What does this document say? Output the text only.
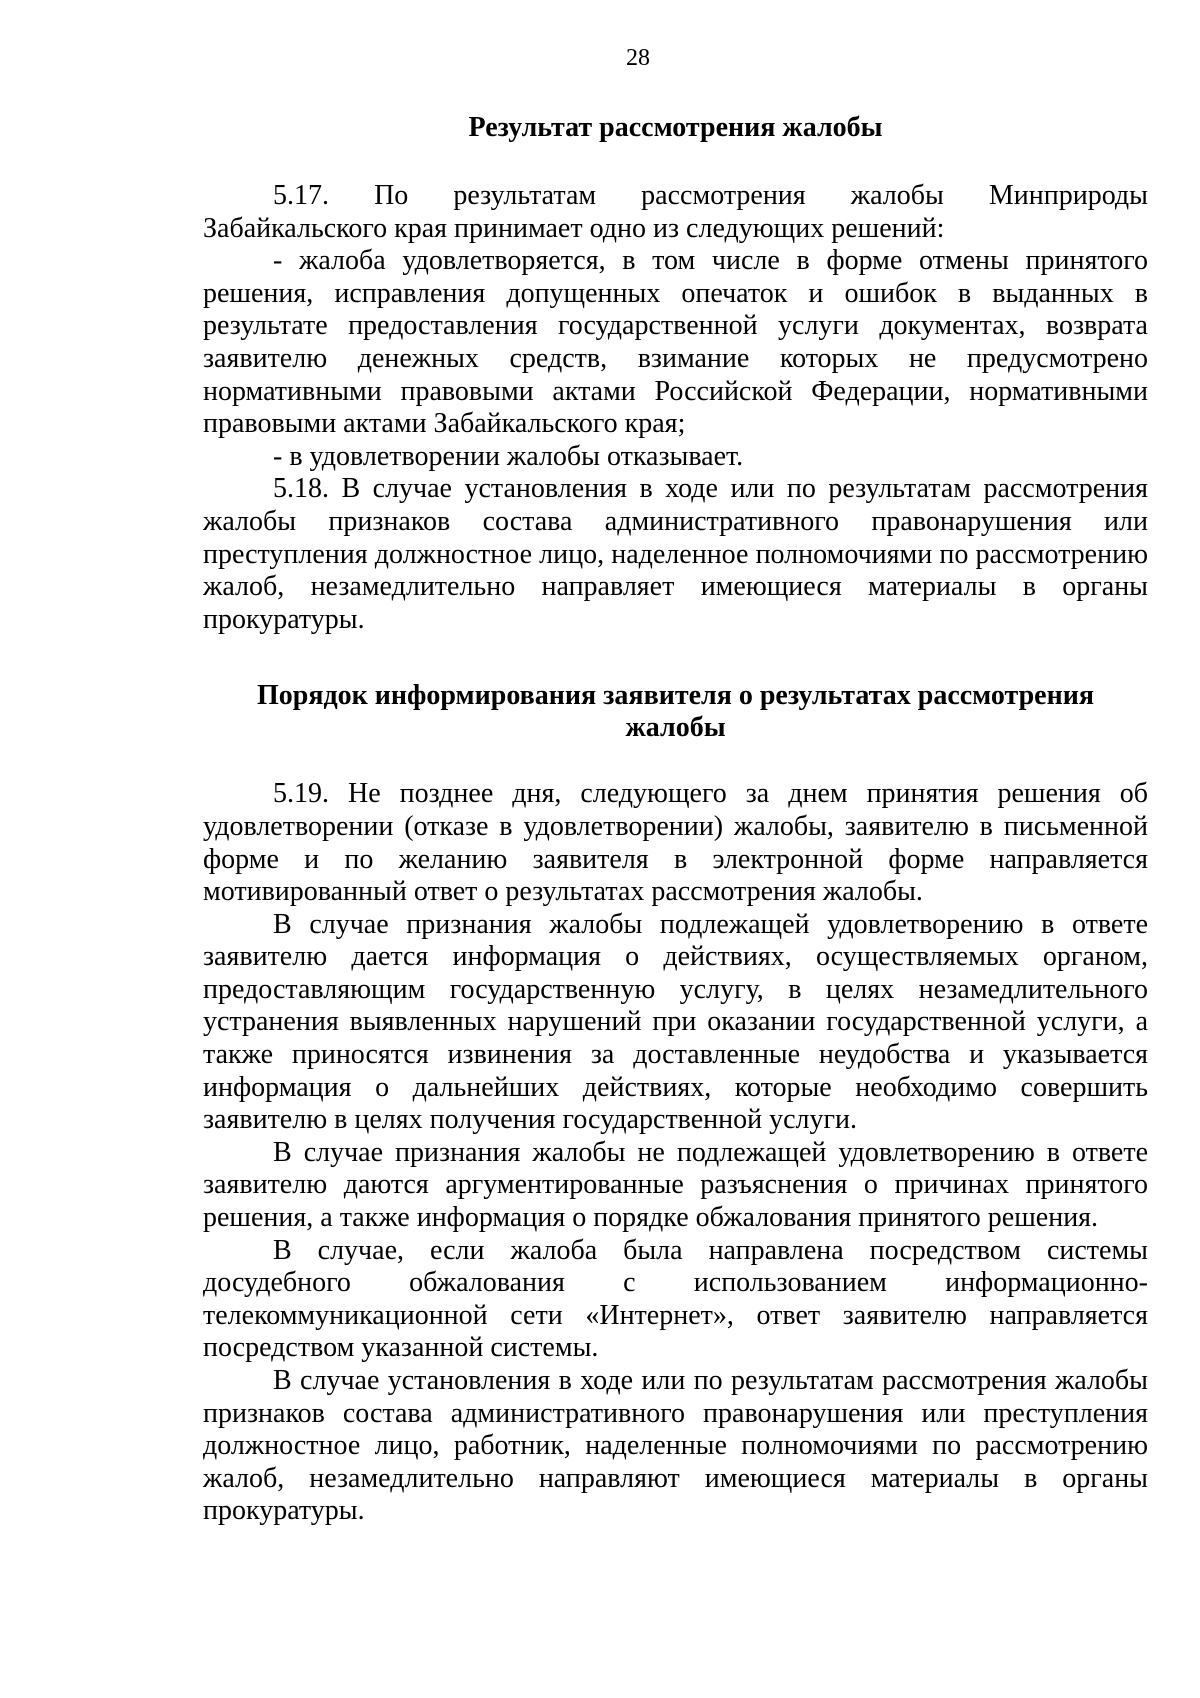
28
Результат рассмотрения жалобы

5.17. По результатам рассмотрения жалобы Минприроды Забайкальского края принимает одно из следующих решений:

- жалоба удовлетворяется, в том числе в форме отмены принятого решения, исправления допущенных опечаток и ошибок в выданных в результате предоставления государственной услуги документах, возврата заявителю денежных средств, взимание которых не предусмотрено нормативными правовыми актами Российской Федерации, нормативными правовыми актами Забайкальского края;

- в удовлетворении жалобы отказывает.

5.18. В случае установления в ходе или по результатам рассмотрения жалобы признаков состава административного правонарушения или преступления должностное лицо, наделенное полномочиями по рассмотрению жалоб, незамедлительно направляет имеющиеся материалы в органы прокуратуры.

Порядок информирования заявителя о результатах рассмотрения
жалобы

5.19. Не позднее дня, следующего за днем принятия решения об удовлетворении (отказе в удовлетворении) жалобы, заявителю в письменной форме и по желанию заявителя в электронной форме направляется мотивированный ответ о результатах рассмотрения жалобы.

В случае признания жалобы подлежащей удовлетворению в ответе заявителю дается информация о действиях, осуществляемых органом, предоставляющим государственную услугу, в целях незамедлительного устранения выявленных нарушений при оказании государственной услуги, а также приносятся извинения за доставленные неудобства и указывается информация о дальнейших действиях, которые необходимо совершить заявителю в целях получения государственной услуги.

В случае признания жалобы не подлежащей удовлетворению в ответе заявителю даются аргументированные разъяснения о причинах принятого решения, а также информация о порядке обжалования принятого решения.

В случае, если жалоба была направлена посредством системы досудебного обжалования с использованием информационно-телекоммуникационной сети «Интернет», ответ заявителю направляется посредством указанной системы.

В случае установления в ходе или по результатам рассмотрения жалобы признаков состава административного правонарушения или преступления должностное лицо, работник, наделенные полномочиями по рассмотрению жалоб, незамедлительно направляют имеющиеся материалы в органы прокуратуры.
